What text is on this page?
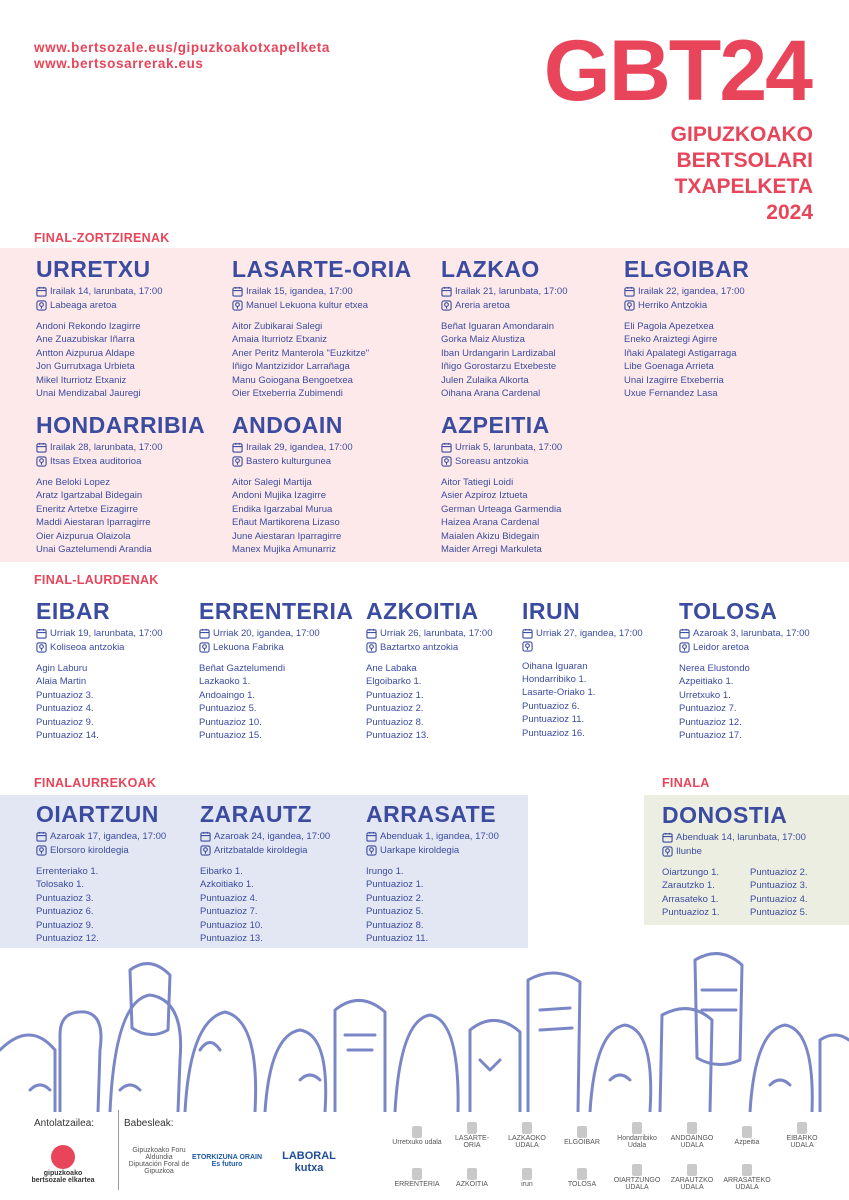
www.bertsozale.eus/gipuzkoakotxapelketa
www.bertsosarrerak.eus	GBT24
GIPUZKOAKO
BERTSOLARI
TXAPELKETA
2024
FINAL-ZORTZIRENAK
URRETXU
Irailak 14, larunbata, 17:00
Labeaga aretoa
Andoni Rekondo Izagirre
Ane Zuazubiskar Iñarra
Antton Aizpurua Aldape
Jon Gurrutxaga Urbieta
Mikel Iturriotz Etxaniz
Unai Mendizabal Jauregi
LASARTE-ORIA
Irailak 15, igandea, 17:00
Manuel Lekuona kultur etxea
Aitor Zubikarai Salegi
Amaia Iturriotz Etxaniz
Aner Peritz Manterola "Euzkitze"
Iñigo Mantzizidor Larrañaga
Manu Goiogana Bengoetxea
Oier Etxeberria Zubimendi
LAZKAO
Irailak 21, larunbata, 17:00
Areria aretoa
Beñat Iguaran Amondarain
Gorka Maiz Alustiza
Iban Urdangarin Lardizabal
Iñigo Gorostarzu Etxebeste
Julen Zulaika Alkorta
Oihana Arana Cardenal
ELGOIBAR
Irailak 22, igandea, 17:00
Herriko Antzokia
Eli Pagola Apezetxea
Eneko Araiztegi Agirre
Iñaki Apalategi Astigarraga
Libe Goenaga Arrieta
Unai Izagirre Etxeberria
Uxue Fernandez Lasa
HONDARRIBIA
Irailak 28, larunbata, 17:00
Itsas Etxea auditorioa
Ane Beloki Lopez
Aratz Igartzabal Bidegain
Eneritz Artetxe Eizagirre
Maddi Aiestaran Iparragirre
Oier Aizpurua Olaizola
Unai Gaztelumendi Arandia
ANDOAIN
Irailak 29, igandea, 17:00
Bastero kulturgunea
Aitor Salegi Martija
Andoni Mujika Izagirre
Endika Igarzabal Murua
Eñaut Martikorena Lizaso
June Aiestaran Iparragirre
Manex Mujika Amunarriz
AZPEITIA
Urriak 5, larunbata, 17:00
Soreasu antzokia
Aitor Tatiegi Loidi
Asier Azpiroz Iztueta
German Urteaga Garmendia
Haizea Arana Cardenal
Maialen Akizu Bidegain
Maider Arregi Markuleta
FINAL-LAURDENAK
EIBAR
Urriak 19, larunbata, 17:00
Koliseoa antzokia
Agin Laburu
Alaia Martin
Puntuazioz 3.
Puntuazioz 4.
Puntuazioz 9.
Puntuazioz 14.
ERRENTERIA
Urriak 20, igandea, 17:00
Lekuona Fabrika
Beñat Gaztelumendi
Lazkaoko 1.
Andoaingo 1.
Puntuazioz 5.
Puntuazioz 10.
Puntuazioz 15.
AZKOITIA
Urriak 26, larunbata, 17:00
Baztartxo antzokia
Ane Labaka
Elgoibarko 1.
Puntuazioz 1.
Puntuazioz 2.
Puntuazioz 8.
Puntuazioz 13.
IRUN
Urriak 27, igandea, 17:00
Oihana Iguaran
Hondarribiko 1.
Lasarte-Oriako 1.
Puntuazioz 6.
Puntuazioz 11.
Puntuazioz 16.
TOLOSA
Azaroak 3, larunbata, 17:00
Leidor aretoa
Nerea Elustondo
Azpeitiako 1.
Urretxuko 1.
Puntuazioz 7.
Puntuazioz 12.
Puntuazioz 17.
FINALAURREKOAK
OIARTZUN
Azaroak 17, igandea, 17:00
Elorsoro kiroldegia
Errenteriako 1.
Tolosako 1.
Puntuazioz 3.
Puntuazioz 6.
Puntuazioz 9.
Puntuazioz 12.
ZARAUTZ
Azaroak 24, igandea, 17:00
Aritzbatalde kiroldegia
Eibarko 1.
Azkoitiako 1.
Puntuazioz 4.
Puntuazioz 7.
Puntuazioz 10.
Puntuazioz 13.
ARRASATE
Abenduak 1, igandea, 17:00
Uarkape kiroldegia
Irungo 1.
Puntuazioz 1.
Puntuazioz 2.
Puntuazioz 5.
Puntuazioz 8.
Puntuazioz 11.
FINALA
DONOSTIA
Abenduak 14, larunbata, 17:00
Ilunbe
Oiartzungo 1.
Zarautzko 1.
Arrasateko 1.
Puntuazioz 1.
Puntuazioz 2.
Puntuazioz 3.
Puntuazioz 4.
Puntuazioz 5.
Antolatzailea:	Babesleak:
gipuzkoako bertsozale elkartea
Gipuzkoako Foru Aldundia Diputación Foral de Gipuzkoa
ETORKIZUNA ORAIN Es futuro
LABORAL kutxa
Urretxuko udala	LASARTE-ORIA
LAZKAOKO UDALA	ELGOIBAR	Hondarribiko Udala
ANDOAINGO UDALA	Azpeitia	EIBARKO UDALA
ERRENTERIA AZKOITIA	irun	TOLOSA	OIARTZUNGO UDALA
ZARAUTZKO UDALA
ARRASATEKO UDALA
